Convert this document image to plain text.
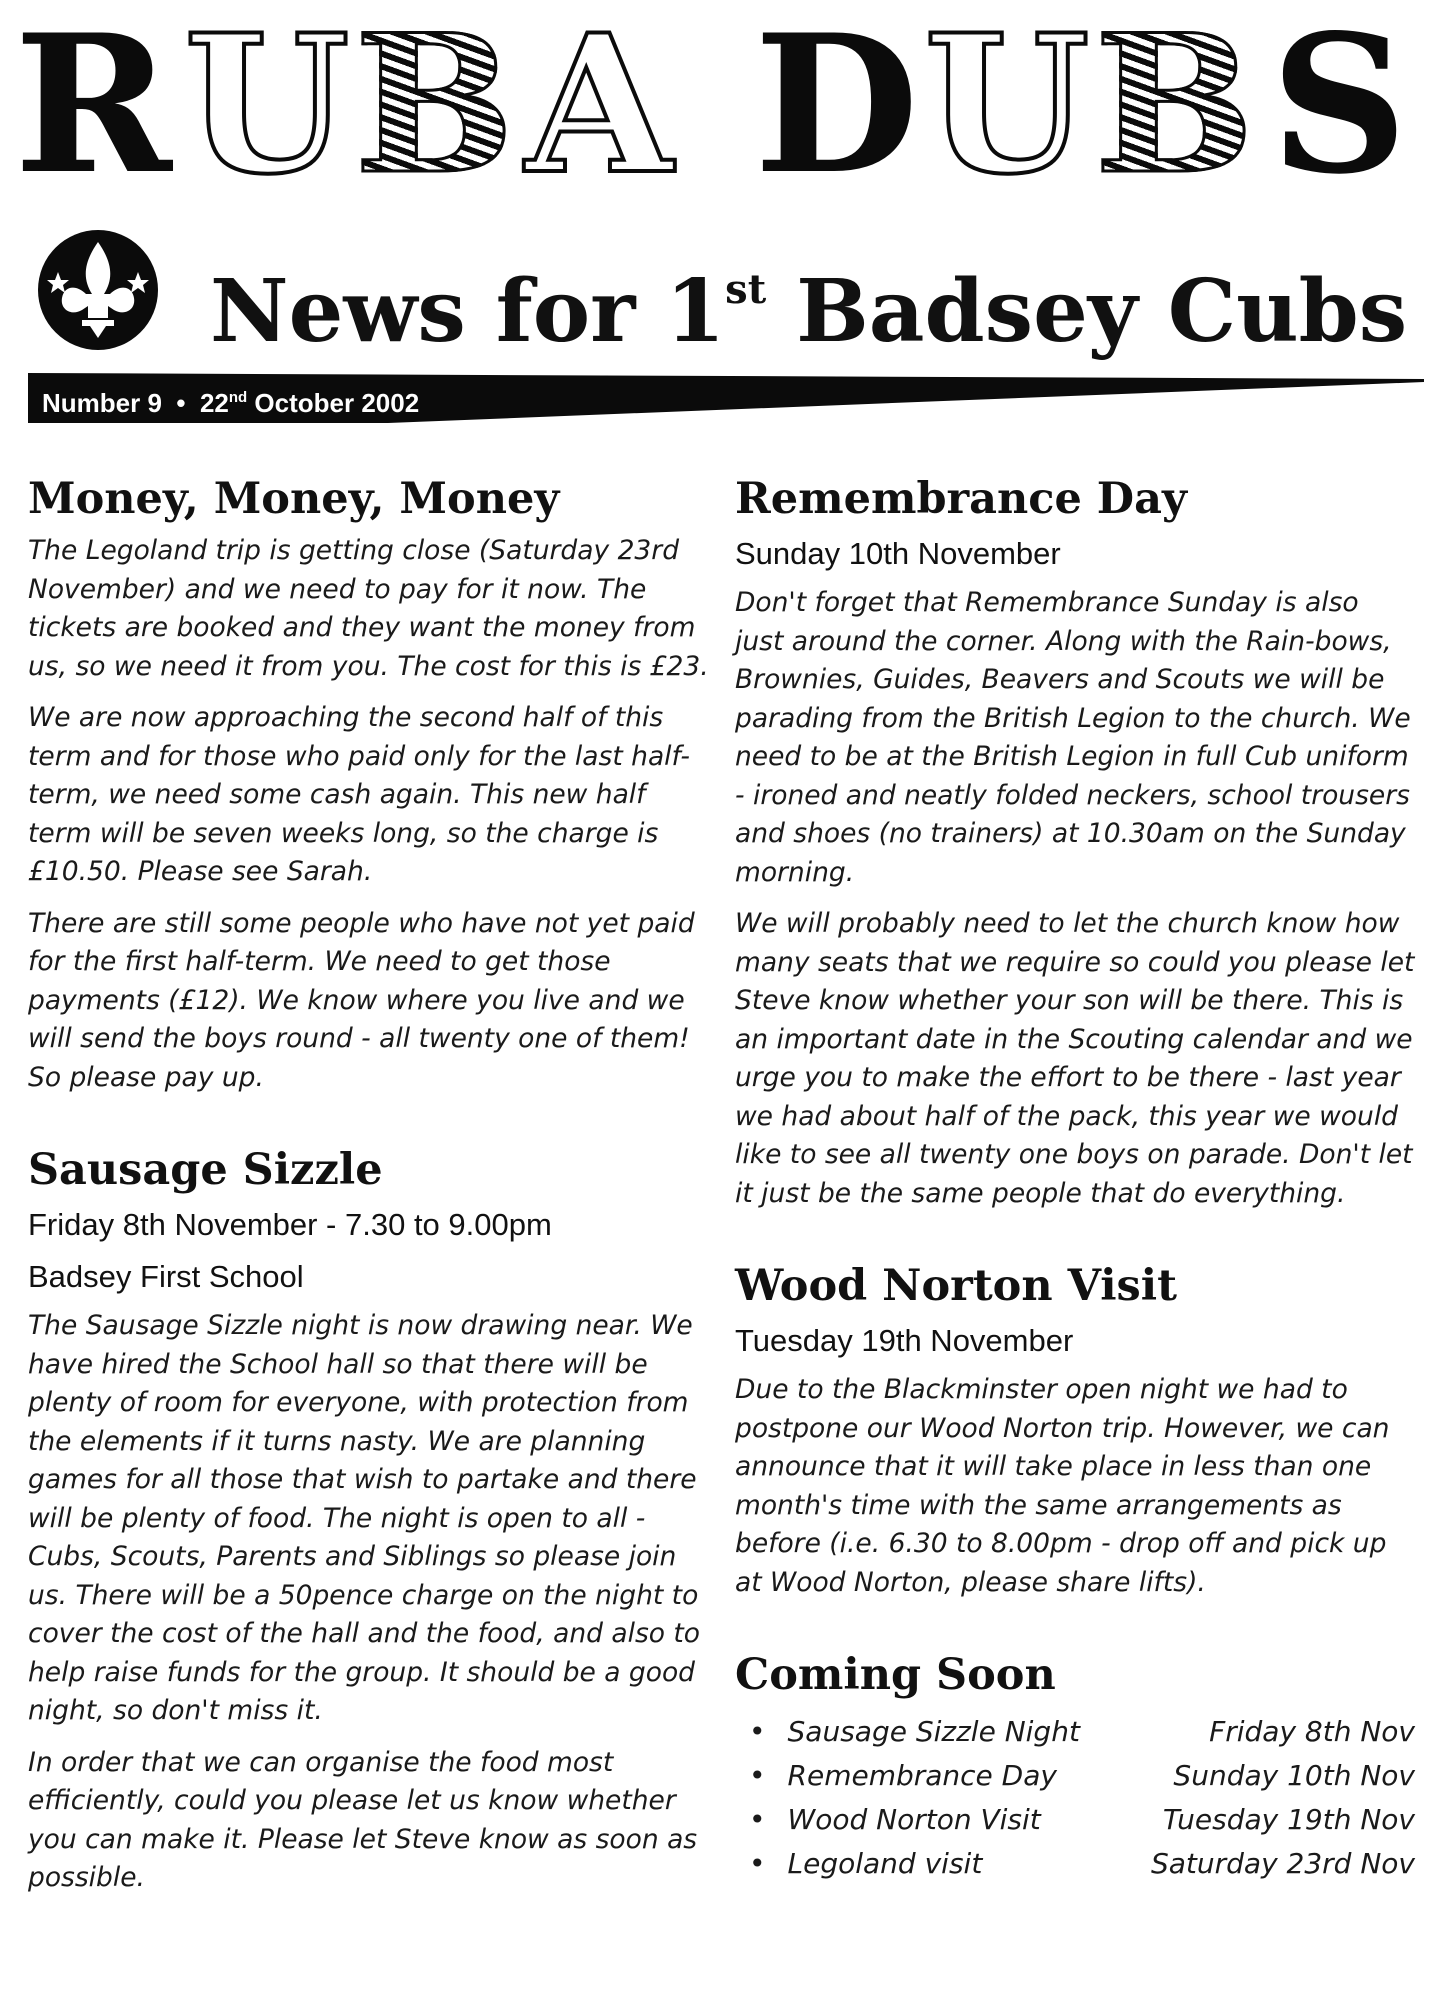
R U B A D U B S
News for 1st Badsey Cubs
Number 9 • 22nd October 2002
Money, Money, Money

The Legoland trip is getting close (Saturday 23rd November) and we need to pay for it now. The tickets are booked and they want the money from us, so we need it from you. The cost for this is £23.

We are now approaching the second half of this term and for those who paid only for the last half-term, we need some cash again. This new half term will be seven weeks long, so the charge is £10.50. Please see Sarah.

There are still some people who have not yet paid for the first half-term. We need to get those payments (£12). We know where you live and we will send the boys round - all twenty one of them! So please pay up.

Sausage Sizzle
Friday 8th November - 7.30 to 9.00pm
Badsey First School

The Sausage Sizzle night is now drawing near. We have hired the School hall so that there will be plenty of room for everyone, with protection from the elements if it turns nasty. We are planning games for all those that wish to partake and there will be plenty of food. The night is open to all - Cubs, Scouts, Parents and Siblings so please join us. There will be a 50pence charge on the night to cover the cost of the hall and the food, and also to help raise funds for the group. It should be a good night, so don't miss it.

In order that we can organise the food most efficiently, could you please let us know whether you can make it. Please let Steve know as soon as possible.

Remembrance Day
Sunday 10th November

Don't forget that Remembrance Sunday is also just around the corner. Along with the Rain-bows, Brownies, Guides, Beavers and Scouts we will be parading from the British Legion to the church. We need to be at the British Legion in full Cub uniform - ironed and neatly folded neckers, school trousers and shoes (no trainers) at 10.30am on the Sunday morning.

We will probably need to let the church know how many seats that we require so could you please let Steve know whether your son will be there. This is an important date in the Scouting calendar and we urge you to make the effort to be there - last year we had about half of the pack, this year we would like to see all twenty one boys on parade. Don't let it just be the same people that do everything.

Wood Norton Visit
Tuesday 19th November

Due to the Blackminster open night we had to postpone our Wood Norton trip. However, we can announce that it will take place in less than one month's time with the same arrangements as before (i.e. 6.30 to 8.00pm - drop off and pick up at Wood Norton, please share lifts).

Coming Soon
• Sausage Sizzle Night	Friday 8th Nov
• Remembrance Day	Sunday 10th Nov
• Wood Norton Visit	Tuesday 19th Nov
• Legoland visit	Saturday 23rd Nov
